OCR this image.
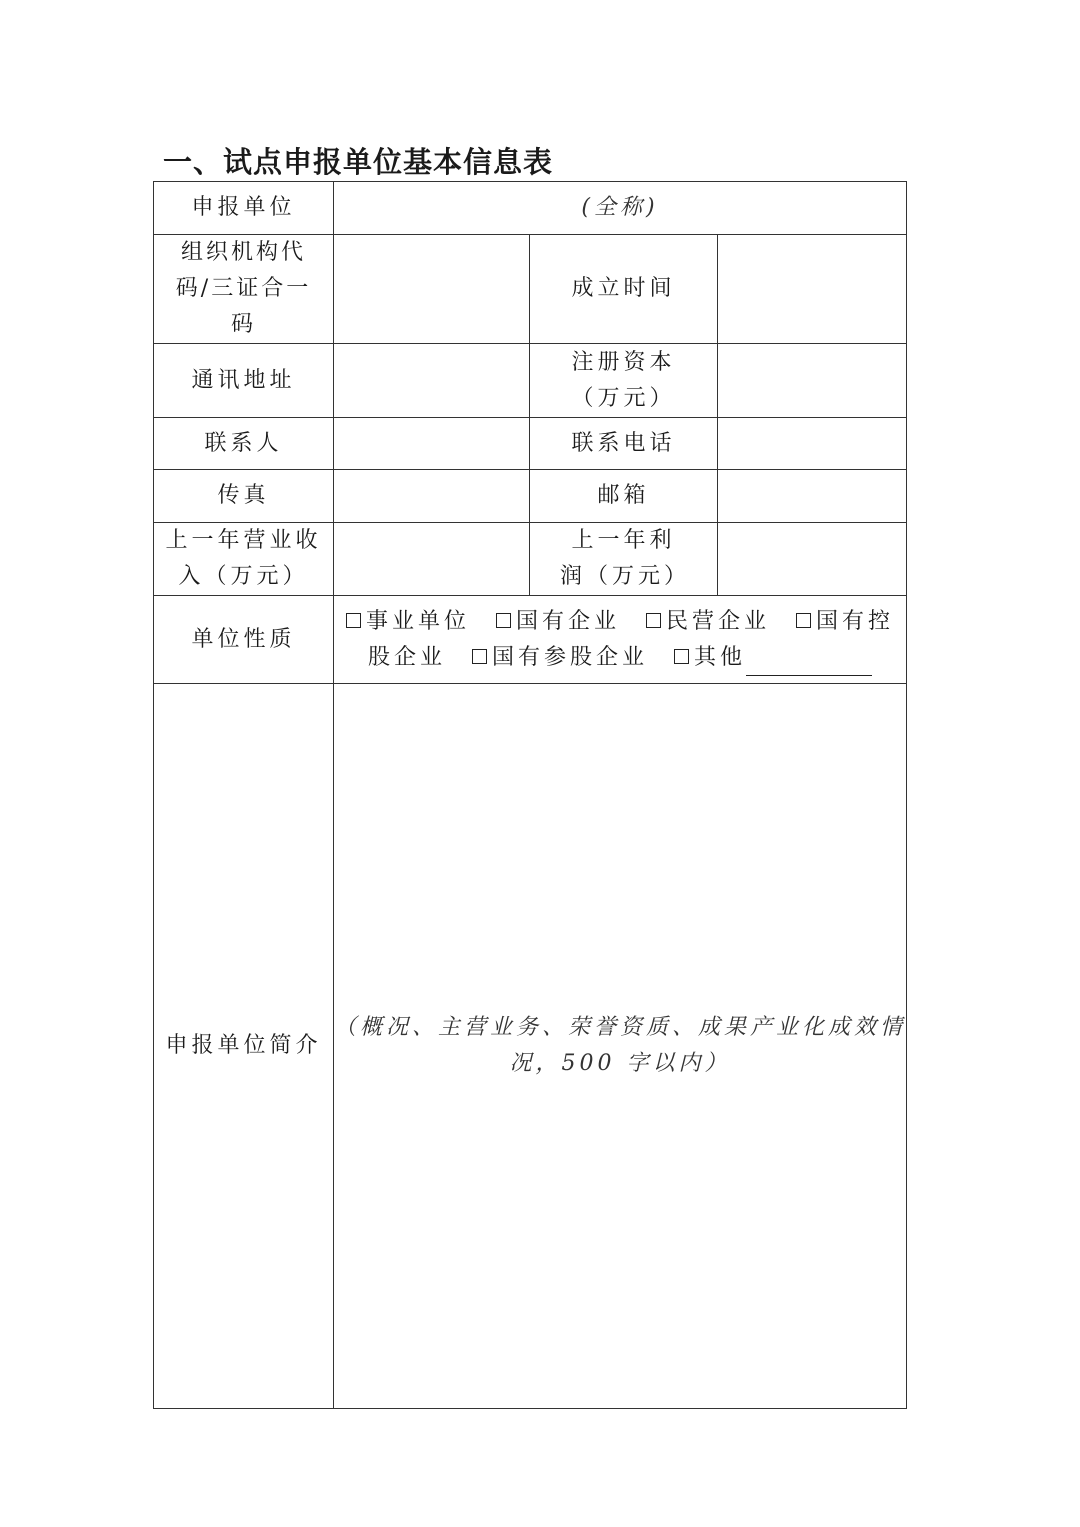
一、试点申报单位基本信息表
申报单位	(全称)		
组织机构代码/三证合一码		成立时间	
通讯地址		注册资本（万元）	
联系人		联系电话	
传真		邮箱	
上一年营业收入（万元）		上一年利润（万元）	
单位性质	事业单位 国有企业 民营企业 国有控股企业 国有参股企业 其他		
申报单位简介	（概况、主营业务、荣誉资质、成果产业化成效情况，500 字以内）		
